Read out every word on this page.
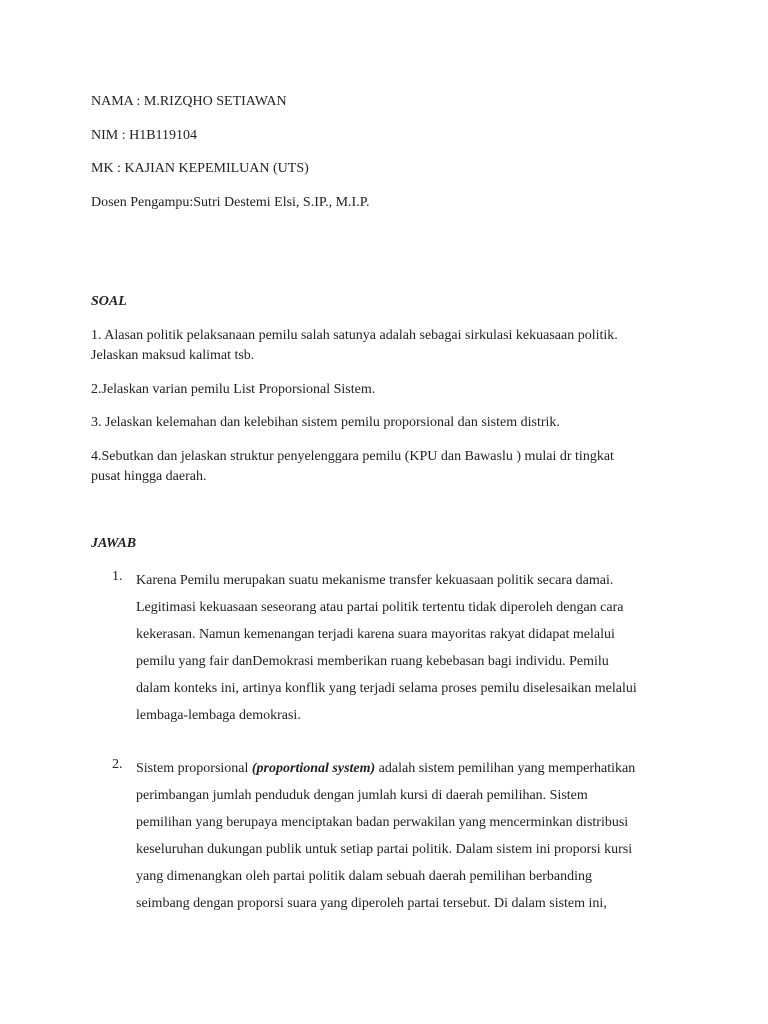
NAMA : M.RIZQHO SETIAWAN

NIM : H1B119104

MK : KAJIAN KEPEMILUAN (UTS)

Dosen Pengampu:Sutri Destemi Elsi, S.IP., M.I.P.

SOAL

1. Alasan politik pelaksanaan pemilu salah satunya adalah sebagai sirkulasi kekuasaan politik.

Jelaskan maksud kalimat tsb.

2.Jelaskan varian pemilu List Proporsional Sistem.

3. Jelaskan kelemahan dan kelebihan sistem pemilu proporsional dan sistem distrik.

4.Sebutkan dan jelaskan struktur penyelenggara pemilu (KPU dan Bawaslu ) mulai dr tingkat

pusat hingga daerah.

JAWAB

1. Karena Pemilu merupakan suatu mekanisme transfer kekuasaan politik secara damai.
Legitimasi kekuasaan seseorang atau partai politik tertentu tidak diperoleh dengan cara
kekerasan. Namun kemenangan terjadi karena suara mayoritas rakyat didapat melalui
pemilu yang fair danDemokrasi memberikan ruang kebebasan bagi individu. Pemilu
dalam konteks ini, artinya konflik yang terjadi selama proses pemilu diselesaikan melalui
lembaga-lembaga demokrasi.
2. Sistem proporsional (proportional system) adalah sistem pemilihan yang memperhatikan
perimbangan jumlah penduduk dengan jumlah kursi di daerah pemilihan. Sistem
pemilihan yang berupaya menciptakan badan perwakilan yang mencerminkan distribusi
keseluruhan dukungan publik untuk setiap partai politik. Dalam sistem ini proporsi kursi
yang dimenangkan oleh partai politik dalam sebuah daerah pemilihan berbanding
seimbang dengan proporsi suara yang diperoleh partai tersebut. Di dalam sistem ini,
